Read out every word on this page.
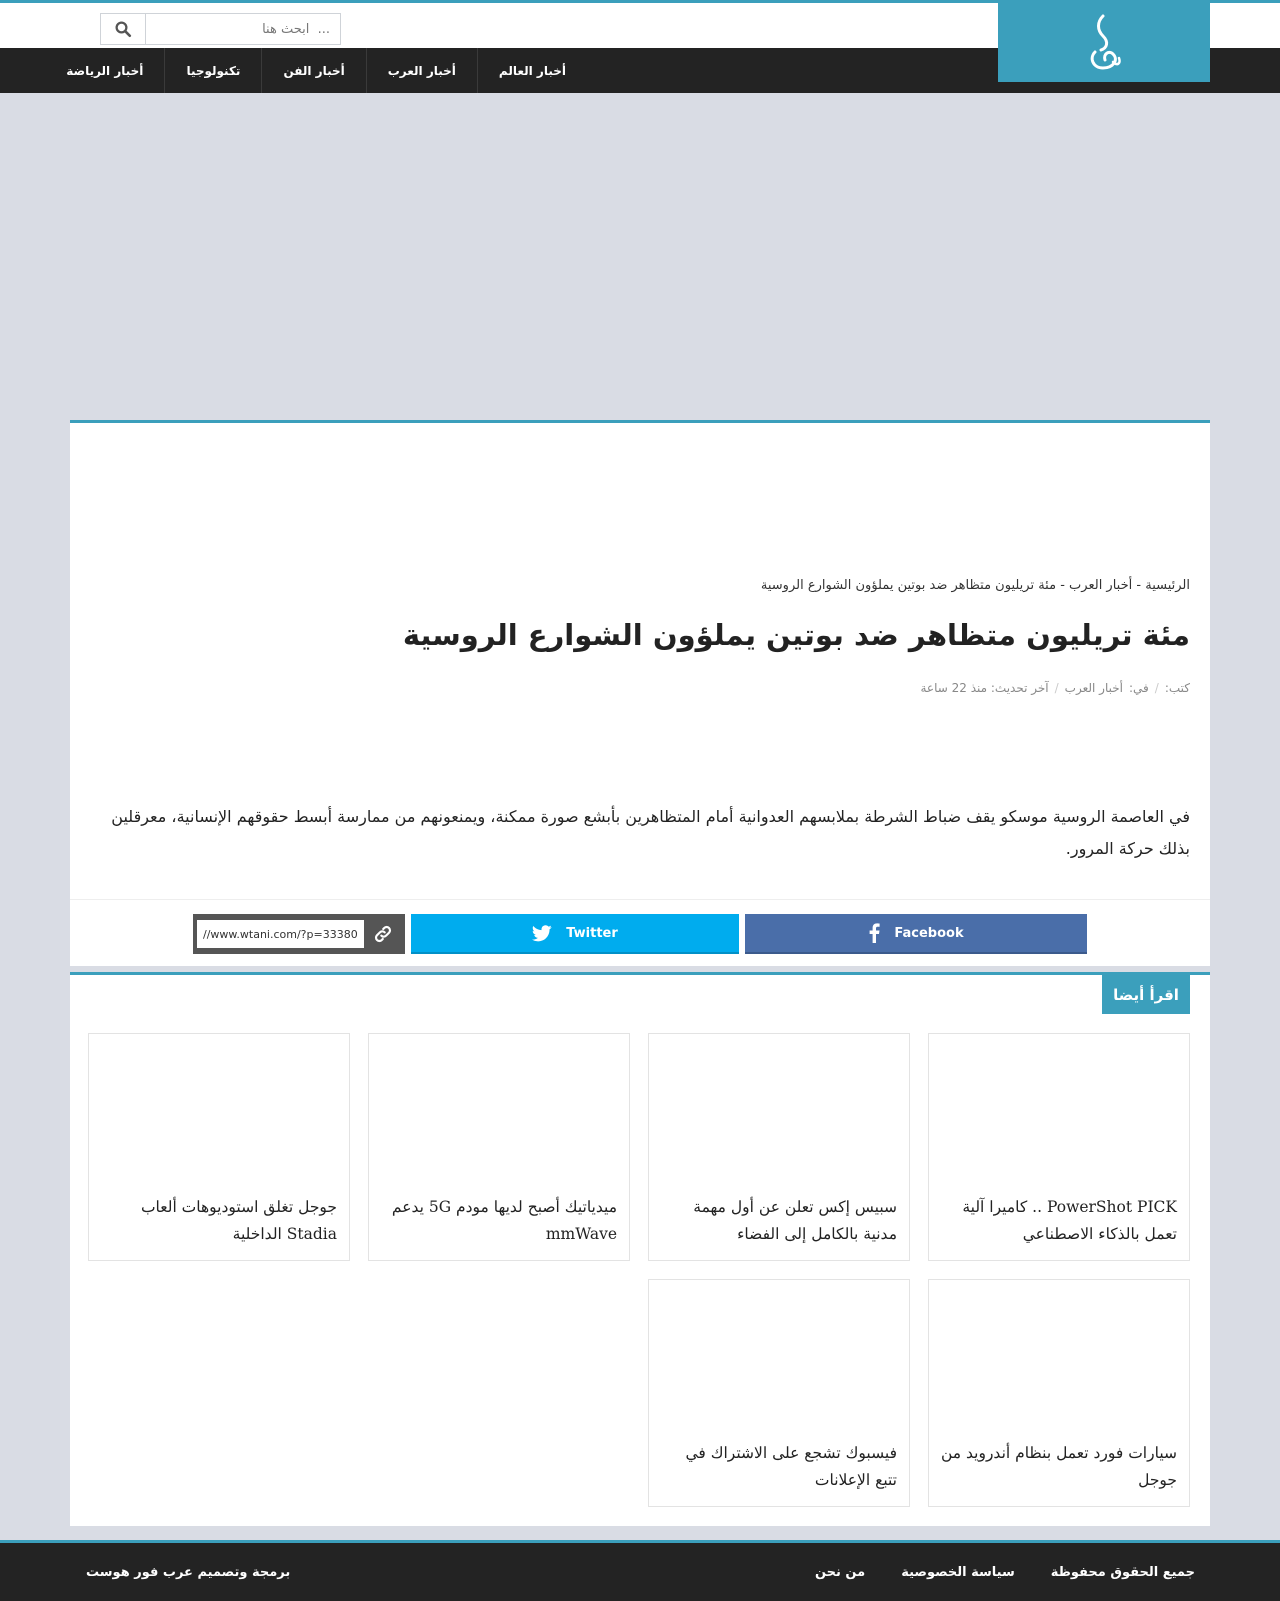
... ابحث هنا
أخبار العالم
أخبار العرب
أخبار الفن
تكنولوجيا
أخبار الرياضة
الرئيسية - أخبار العرب - مئة تريليون متظاهر ضد بوتين يملؤون الشوارع الروسية
مئة تريليون متظاهر ضد بوتين يملؤون الشوارع الروسية
كتب:
/
في:
أخبار العرب
/
آخر تحديث: منذ 22 ساعة

في العاصمة الروسية موسكو يقف ضباط الشرطة بملابسهم العدوانية أمام المتظاهرين بأبشع صورة ممكنة، ويمنعونهم من ممارسة أبسط حقوقهم الإنسانية، معرقلين بذلك حركة المرور.

Facebook
Twitter
//www.wtani.com/?p=33380
اقرأ أيضا
PowerShot PICK .. كاميرا آلية تعمل بالذكاء الاصطناعي
سبيس إكس تعلن عن أول مهمة مدنية بالكامل إلى الفضاء
ميدياتيك أصبح لديها مودم 5G يدعم mmWave
جوجل تغلق استوديوهات ألعاب Stadia الداخلية
سيارات فورد تعمل بنظام أندرويد من جوجل
فيسبوك تشجع على الاشتراك في تتبع الإعلانات
جميع الحقوق محفوظة
سياسة الخصوصية
من نحن
برمجة وتصميم عرب فور هوست
